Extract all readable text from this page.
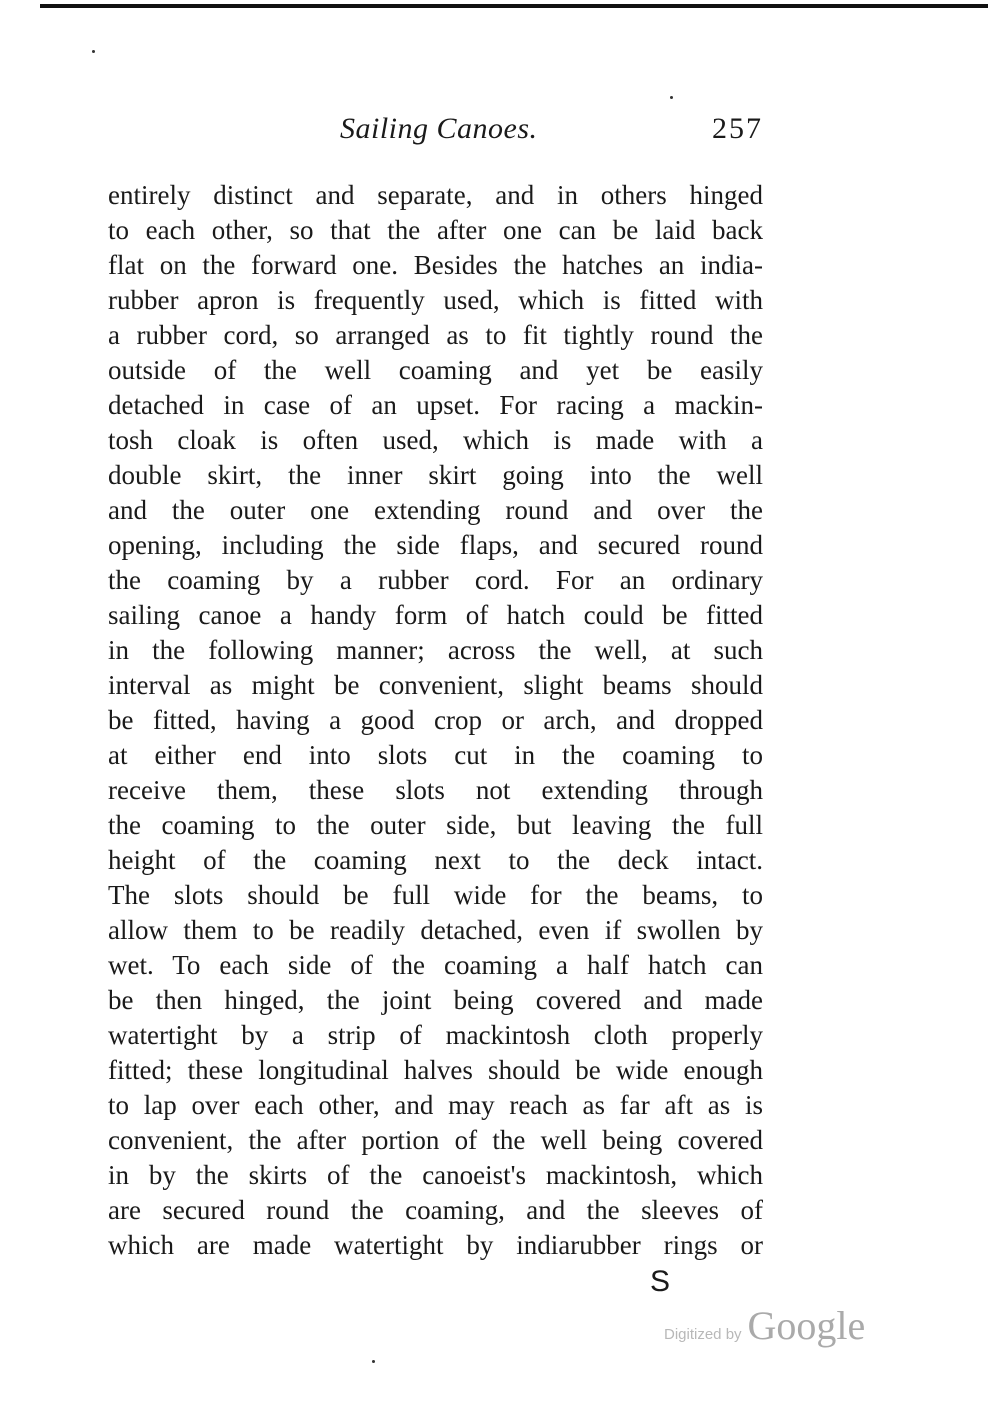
Sailing Canoes.	257
entirely distinct and separate, and in others hinged
to each other, so that the after one can be laid back
flat on the forward one. Besides the hatches an india-
rubber apron is frequently used, which is fitted with
a rubber cord, so arranged as to fit tightly round the
outside of the well coaming and yet be easily
detached in case of an upset. For racing a mackin-
tosh cloak is often used, which is made with a
double skirt, the inner skirt going into the well
and the outer one extending round and over the
opening, including the side flaps, and secured round
the coaming by a rubber cord. For an ordinary
sailing canoe a handy form of hatch could be fitted
in the following manner; across the well, at such
interval as might be convenient, slight beams should
be fitted, having a good crop or arch, and dropped
at either end into slots cut in the coaming to
receive them, these slots not extending through
the coaming to the outer side, but leaving the full
height of the coaming next to the deck intact.
The slots should be full wide for the beams, to
allow them to be readily detached, even if swollen by
wet. To each side of the coaming a half hatch can
be then hinged, the joint being covered and made
watertight by a strip of mackintosh cloth properly
fitted; these longitudinal halves should be wide enough
to lap over each other, and may reach as far aft as is
convenient, the after portion of the well being covered
in by the skirts of the canoeist's mackintosh, which
are secured round the coaming, and the sleeves of
which are made watertight by indiarubber rings or
S
Digitized by Google
